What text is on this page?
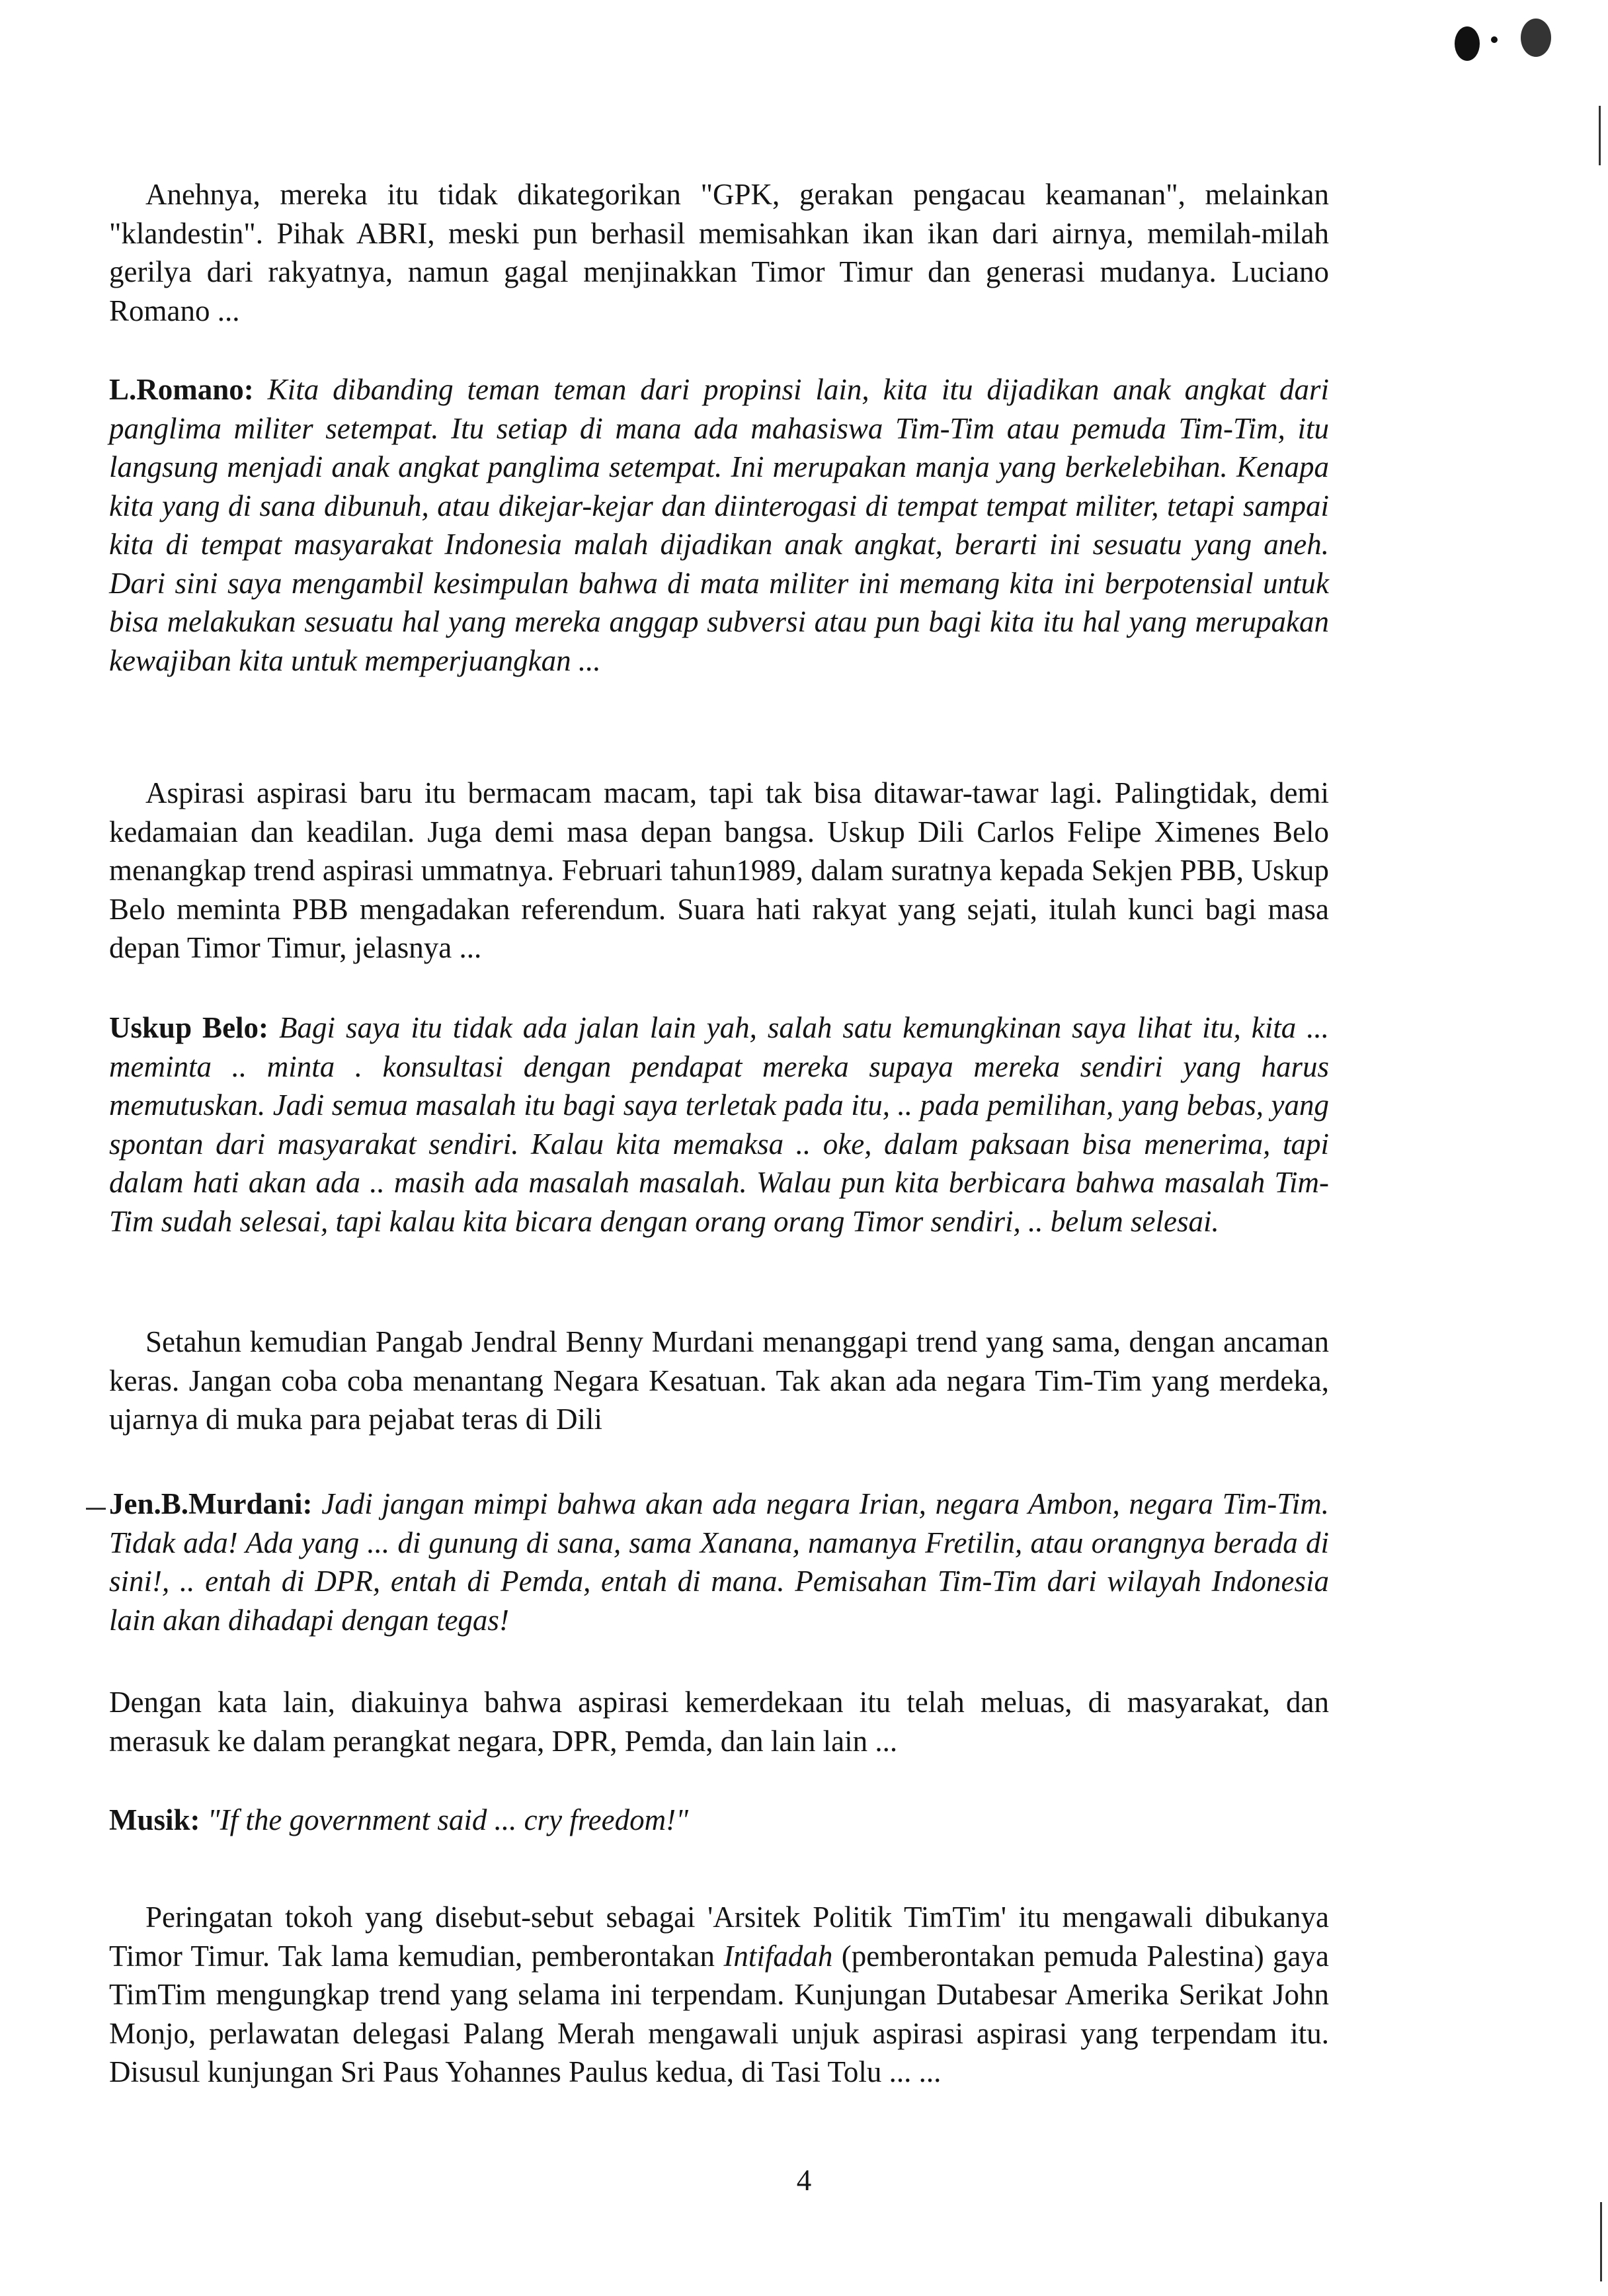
Anehnya, mereka itu tidak dikategorikan "GPK, gerakan pengacau keamanan", melainkan "klandestin". Pihak ABRI, meski pun berhasil memisahkan ikan ikan dari airnya, memilah-milah gerilya dari rakyatnya, namun gagal menjinakkan Timor Timur dan generasi mudanya. Luciano Romano ...

L.Romano: Kita dibanding teman teman dari propinsi lain, kita itu dijadikan anak angkat dari panglima militer setempat. Itu setiap di mana ada mahasiswa Tim-Tim atau pemuda Tim-Tim, itu langsung menjadi anak angkat panglima setempat. Ini merupakan manja yang berkelebihan. Kenapa kita yang di sana dibunuh, atau dikejar-kejar dan diinterogasi di tempat tempat militer, tetapi sampai kita di tempat masyarakat Indonesia malah dijadikan anak angkat, berarti ini sesuatu yang aneh. Dari sini saya mengambil kesimpulan bahwa di mata militer ini memang kita ini berpotensial untuk bisa melakukan sesuatu hal yang mereka anggap subversi atau pun bagi kita itu hal yang merupakan kewajiban kita untuk memperjuangkan ...

Aspirasi aspirasi baru itu bermacam macam, tapi tak bisa ditawar-tawar lagi. Palingtidak, demi kedamaian dan keadilan. Juga demi masa depan bangsa. Uskup Dili Carlos Felipe Ximenes Belo menangkap trend aspirasi ummatnya. Februari tahun1989, dalam suratnya kepada Sekjen PBB, Uskup Belo meminta PBB mengadakan referendum. Suara hati rakyat yang sejati, itulah kunci bagi masa depan Timor Timur, jelasnya ...

Uskup Belo: Bagi saya itu tidak ada jalan lain yah, salah satu kemungkinan saya lihat itu, kita ... meminta .. minta . konsultasi dengan pendapat mereka supaya mereka sendiri yang harus memutuskan. Jadi semua masalah itu bagi saya terletak pada itu, .. pada pemilihan, yang bebas, yang spontan dari masyarakat sendiri. Kalau kita memaksa .. oke, dalam paksaan bisa menerima, tapi dalam hati akan ada .. masih ada masalah masalah. Walau pun kita berbicara bahwa masalah Tim-Tim sudah selesai, tapi kalau kita bicara dengan orang orang Timor sendiri, .. belum selesai.

Setahun kemudian Pangab Jendral Benny Murdani menanggapi trend yang sama, dengan ancaman keras. Jangan coba coba menantang Negara Kesatuan. Tak akan ada negara Tim-Tim yang merdeka, ujarnya di muka para pejabat teras di Dili

Jen.B.Murdani: Jadi jangan mimpi bahwa akan ada negara Irian, negara Ambon, negara Tim-Tim. Tidak ada! Ada yang ... di gunung di sana, sama Xanana, namanya Fretilin, atau orangnya berada di sini!, .. entah di DPR, entah di Pemda, entah di mana. Pemisahan Tim-Tim dari wilayah Indonesia lain akan dihadapi dengan tegas!

Dengan kata lain, diakuinya bahwa aspirasi kemerdekaan itu telah meluas, di masyarakat, dan merasuk ke dalam perangkat negara, DPR, Pemda, dan lain lain ...

Musik: "If the government said ... cry freedom!"

Peringatan tokoh yang disebut-sebut sebagai 'Arsitek Politik TimTim' itu mengawali dibukanya Timor Timur. Tak lama kemudian, pemberontakan Intifadah (pemberontakan pemuda Palestina) gaya TimTim mengungkap trend yang selama ini terpendam. Kunjungan Dutabesar Amerika Serikat John Monjo, perlawatan delegasi Palang Merah mengawali unjuk aspirasi aspirasi yang terpendam itu. Disusul kunjungan Sri Paus Yohannes Paulus kedua, di Tasi Tolu ... ...

4
